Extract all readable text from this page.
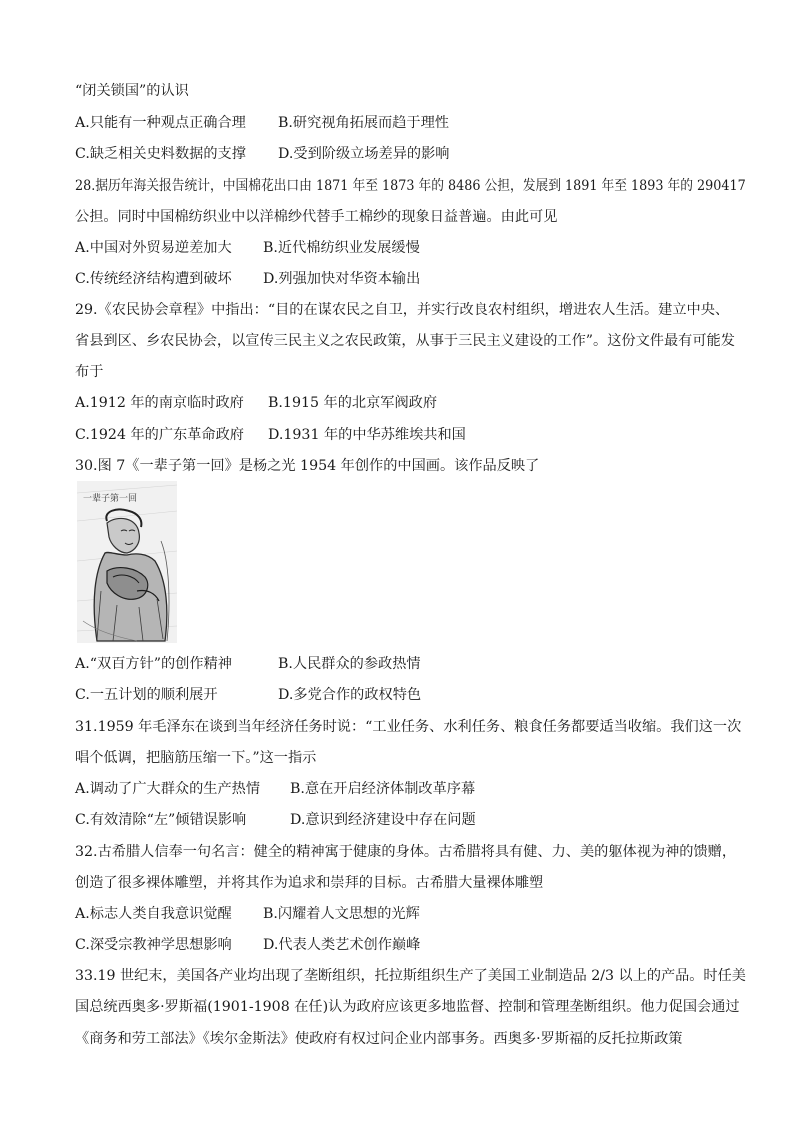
“闭关锁国”的认识
A.只能有一种观点正确合理 B.研究视角拓展而趋于理性
C.缺乏相关史料数据的支撑 D.受到阶级立场差异的影响
28.据历年海关报告统计，中国棉花出口由 1871 年至 1873 年的 8486 公担，发展到 1891 年至 1893 年的 290417
公担。同时中国棉纺织业中以洋棉纱代替手工棉纱的现象日益普遍。由此可见
A.中国对外贸易逆差加大 B.近代棉纺织业发展缓慢
C.传统经济结构遭到破坏 D.列强加快对华资本输出
29.《农民协会章程》中指出：“目的在谋农民之自卫，并实行改良农村组织，增进农人生活。建立中央、
省县到区、乡农民协会，以宣传三民主义之农民政策，从事于三民主义建设的工作”。这份文件最有可能发
布于
A.1912 年的南京临时政府 B.1915 年的北京军阀政府
C.1924 年的广东革命政府 D.1931 年的中华苏维埃共和国
30.图 7《一辈子第一回》是杨之光 1954 年创作的中国画。该作品反映了
一辈子第一回
A.“双百方针”的创作精神	B.人民群众的参政热情
C.一五计划的顺利展开	D.多党合作的政权特色
31.1959 年毛泽东在谈到当年经济任务时说：“工业任务、水利任务、粮食任务都要适当收缩。我们这一次
唱个低调，把脑筋压缩一下。”这一指示
A.调动了广大群众的生产热情 B.意在开启经济体制改革序幕
C.有效清除“左”倾错误影响	D.意识到经济建设中存在问题
32.古希腊人信奉一句名言：健全的精神寓于健康的身体。古希腊将具有健、力、美的躯体视为神的馈赠，
创造了很多裸体雕塑，并将其作为追求和崇拜的目标。古希腊大量裸体雕塑
A.标志人类自我意识觉醒 B.闪耀着人文思想的光辉
C.深受宗教神学思想影响 D.代表人类艺术创作巅峰
33.19 世纪末，美国各产业均出现了垄断组织，托拉斯组织生产了美国工业制造品 2/3 以上的产品。时任美
国总统西奥多·罗斯福(1901-1908 在任)认为政府应该更多地监督、控制和管理垄断组织。他力促国会通过
《商务和劳工部法》《埃尔金斯法》使政府有权过问企业内部事务。西奥多·罗斯福的反托拉斯政策
